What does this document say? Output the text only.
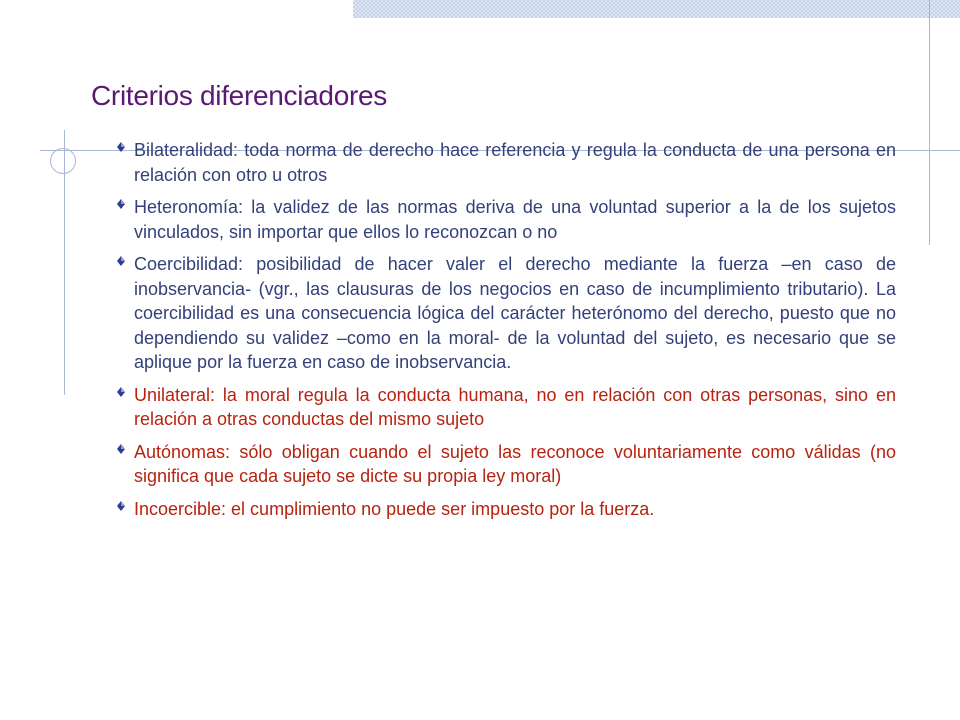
Criterios diferenciadores
Bilateralidad: toda norma de derecho hace referencia y regula la conducta de una persona en relación con otro u otros
Heteronomía: la validez de las normas deriva de una voluntad superior a la de los sujetos vinculados, sin importar que ellos lo reconozcan o no
Coercibilidad: posibilidad de hacer valer el derecho mediante la fuerza –en caso de inobservancia- (vgr., las clausuras de los negocios en caso de incumplimiento tributario). La coercibilidad es una consecuencia lógica del carácter heterónomo del derecho, puesto que no dependiendo su validez –como en la moral- de la voluntad del sujeto, es necesario que se aplique por la fuerza en caso de inobservancia.
Unilateral: la moral regula la conducta humana, no en relación con otras personas, sino en relación a otras conductas del mismo sujeto
Autónomas: sólo obligan cuando el sujeto las reconoce voluntariamente como válidas (no significa que cada sujeto se dicte su propia ley moral)
Incoercible: el cumplimiento no puede ser impuesto por la fuerza.
